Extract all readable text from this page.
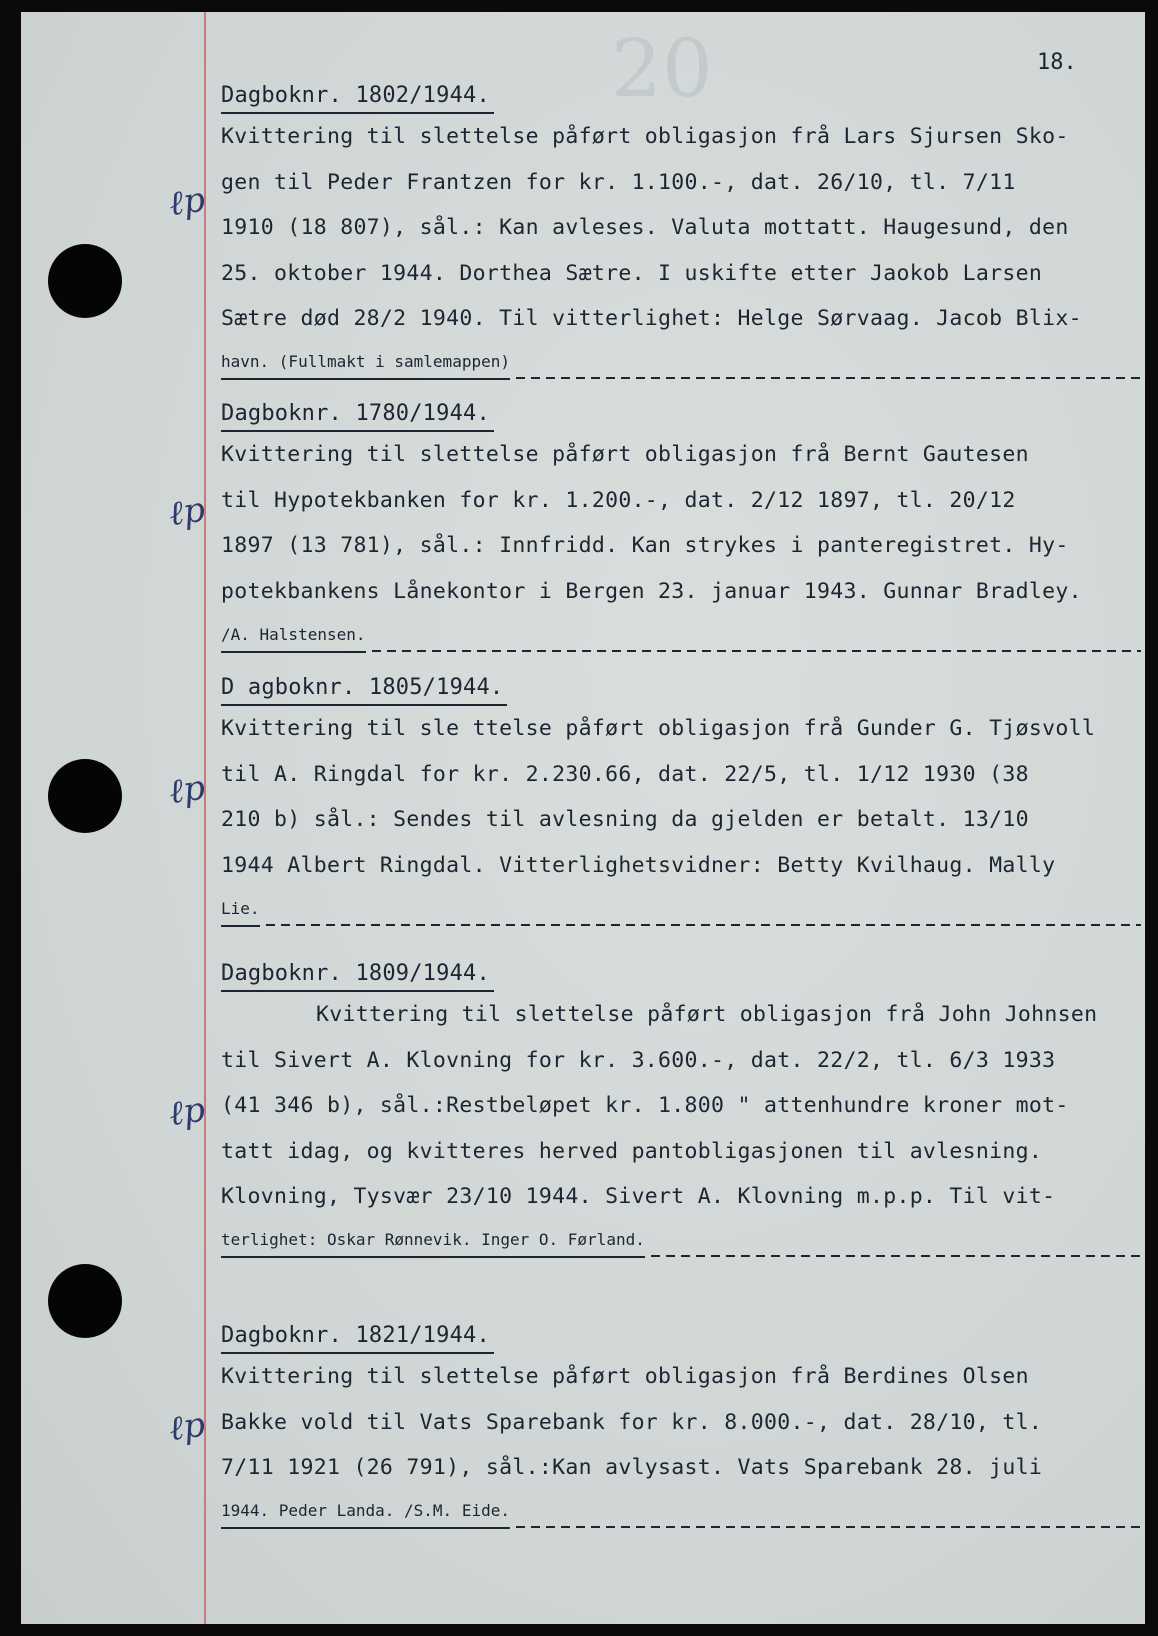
20	18.
ℓp
Dagboknr. 1802/1944.
Kvittering til slettelse påført obligasjon frå Lars Sjursen Sko-
gen til Peder Frantzen for kr. 1.100.-, dat. 26/10, tl. 7/11
1910 (18 807), sål.: Kan avleses. Valuta mottatt. Haugesund, den
25. oktober 1944. Dorthea Sætre. I uskifte etter Jaokob Larsen
Sætre død 28/2 1940. Til vitterlighet: Helge Sørvaag. Jacob Blix-
havn. (Fullmakt i samlemappen)
ℓp
Dagboknr. 1780/1944.
Kvittering til slettelse påført obligasjon frå Bernt Gautesen
til Hypotekbanken for kr. 1.200.-, dat. 2/12 1897, tl. 20/12
1897 (13 781), sål.: Innfridd. Kan strykes i panteregistret. Hy-
potekbankens Lånekontor i Bergen 23. januar 1943. Gunnar Bradley.
/A. Halstensen.
ℓp
D agboknr. 1805/1944.
Kvittering til sle ttelse påført obligasjon frå Gunder G. Tjøsvoll
til A. Ringdal for kr. 2.230.66, dat. 22/5, tl. 1/12 1930 (38
210 b) sål.: Sendes til avlesning da gjelden er betalt. 13/10
1944 Albert Ringdal. Vitterlighetsvidner: Betty Kvilhaug. Mally
Lie.
ℓp
Dagboknr. 1809/1944.
Kvittering til slettelse påført obligasjon frå John Johnsen
til Sivert A. Klovning for kr. 3.600.-, dat. 22/2, tl. 6/3 1933
(41 346 b), sål.:Restbeløpet kr. 1.800 " attenhundre kroner mot-
tatt idag, og kvitteres herved pantobligasjonen til avlesning.
Klovning, Tysvær 23/10 1944. Sivert A. Klovning m.p.p. Til vit-
terlighet: Oskar Rønnevik. Inger O. Førland.
ℓp
Dagboknr. 1821/1944.
Kvittering til slettelse påført obligasjon frå Berdines Olsen
Bakke vold til Vats Sparebank for kr. 8.000.-, dat. 28/10, tl.
7/11 1921 (26 791), sål.:Kan avlysast. Vats Sparebank 28. juli
1944. Peder Landa. /S.M. Eide.
